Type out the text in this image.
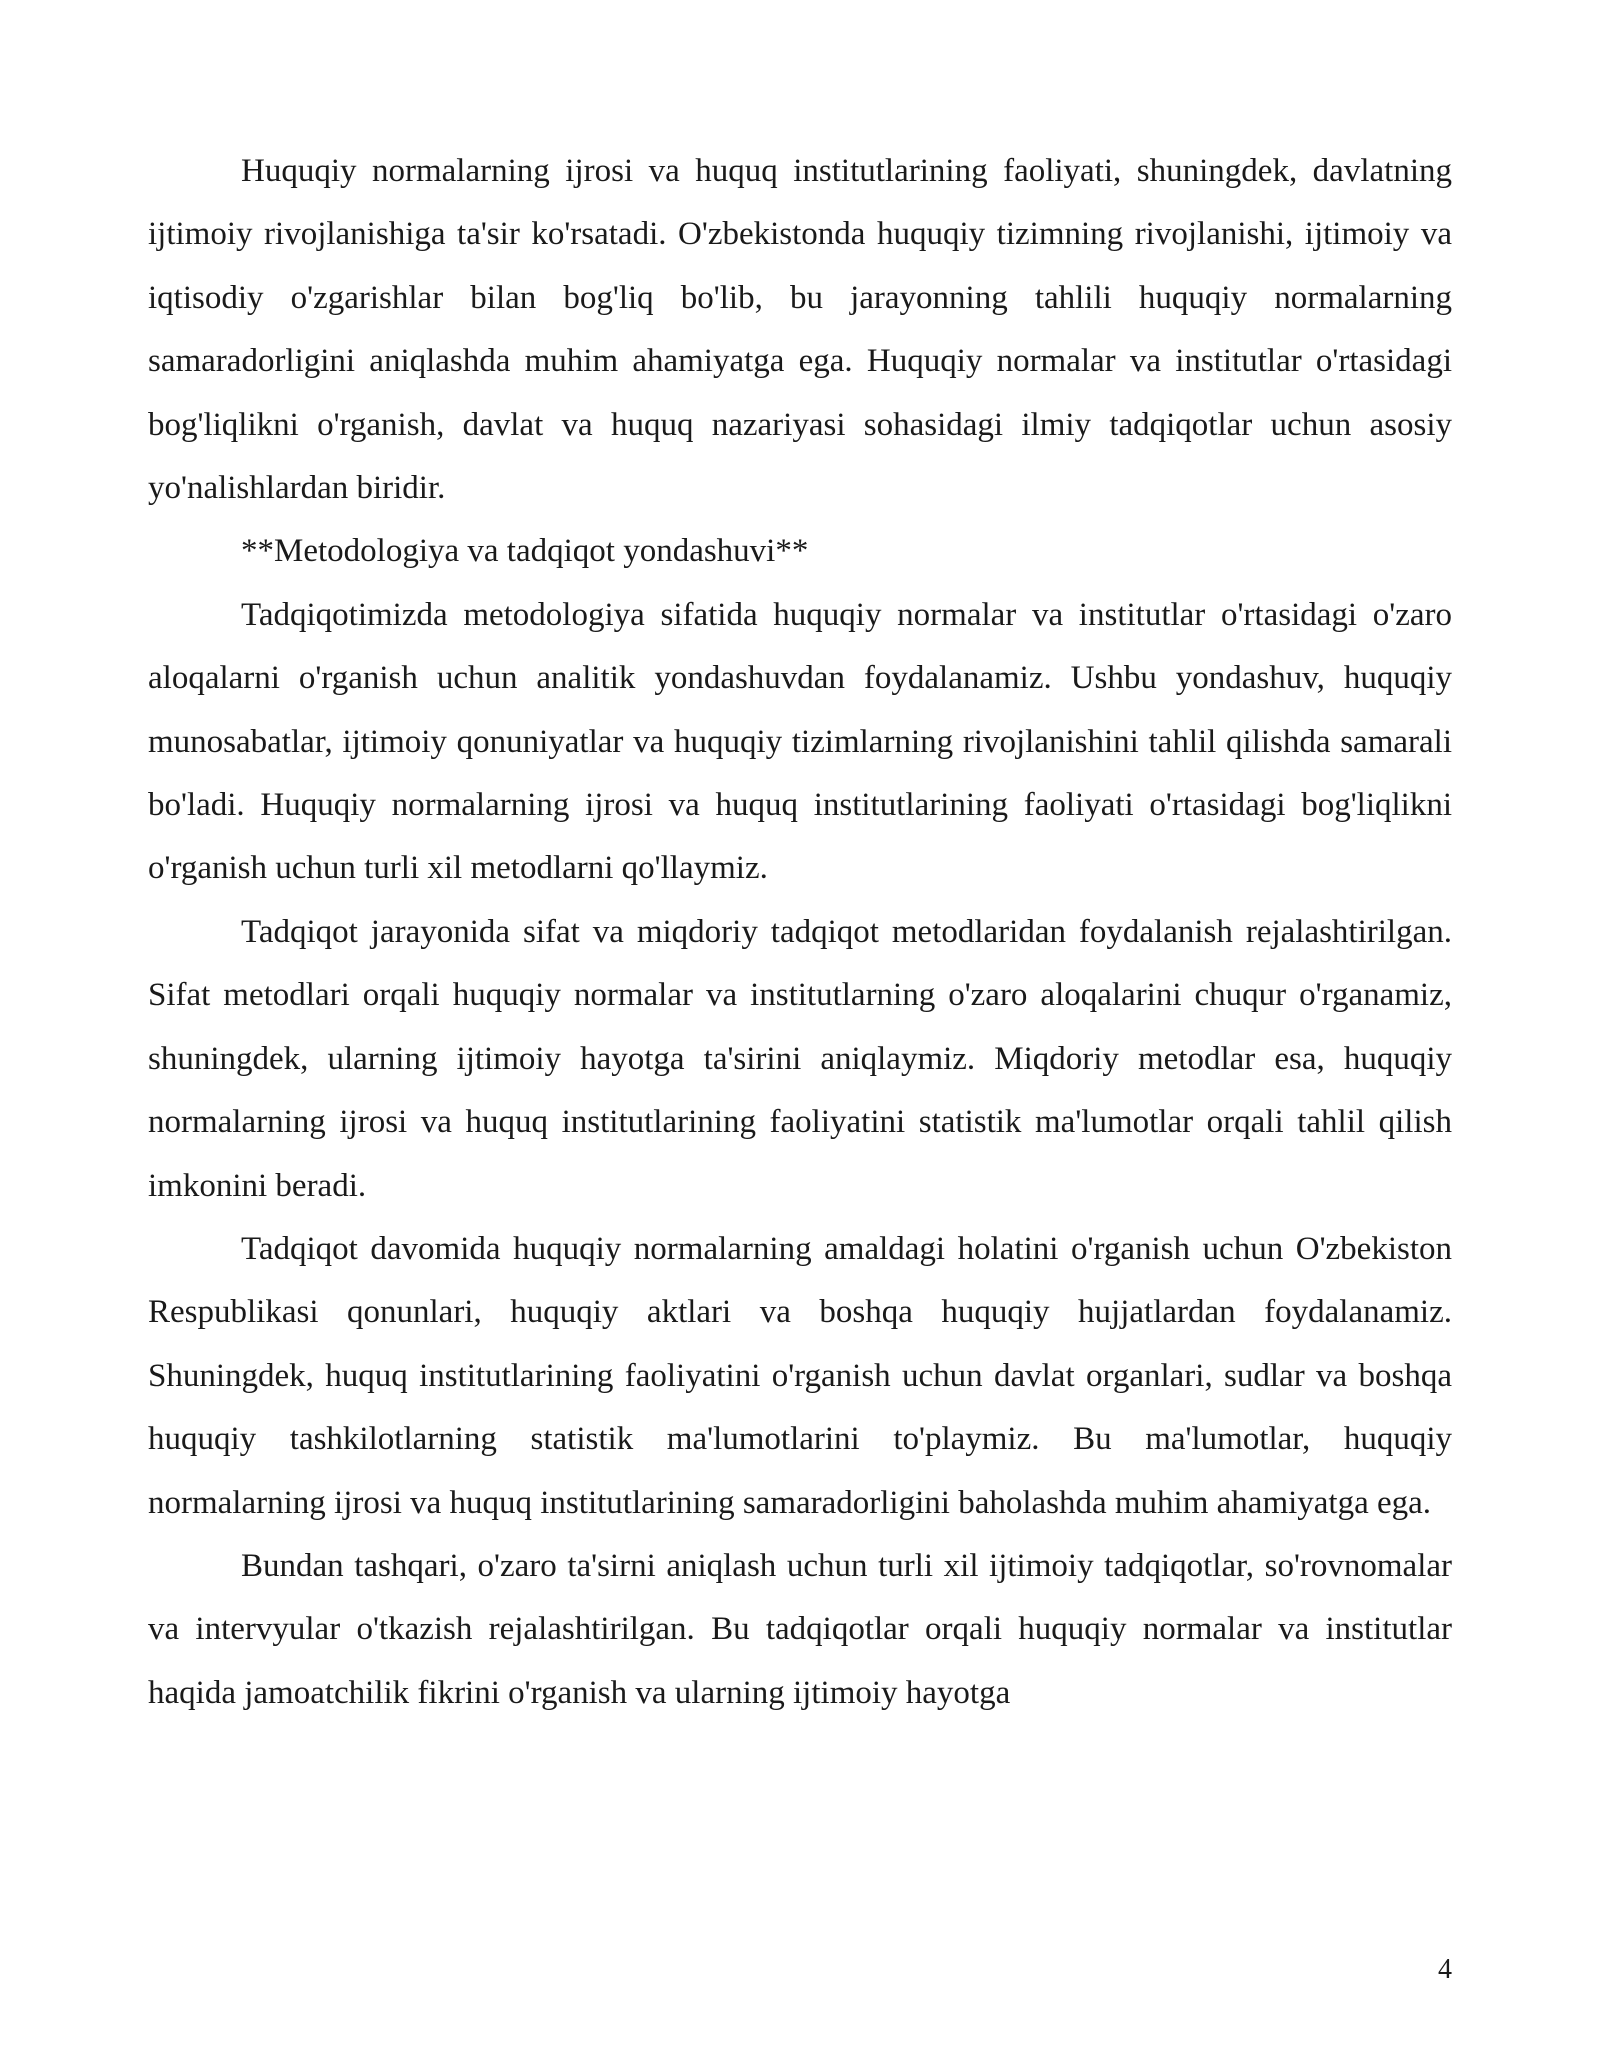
Huquqiy normalarning ijrosi va huquq institutlarining faoliyati, shuningdek, davlatning ijtimoiy rivojlanishiga ta'sir ko'rsatadi. O'zbekistonda huquqiy tizimning rivojlanishi, ijtimoiy va iqtisodiy o'zgarishlar bilan bog'liq bo'lib, bu jarayonning tahlili huquqiy normalarning samaradorligini aniqlashda muhim ahamiyatga ega. Huquqiy normalar va institutlar o'rtasidagi bog'liqlikni o'rganish, davlat va huquq nazariyasi sohasidagi ilmiy tadqiqotlar uchun asosiy yo'nalishlardan biridir.

**Metodologiya va tadqiqot yondashuvi**

Tadqiqotimizda metodologiya sifatida huquqiy normalar va institutlar o'rtasidagi o'zaro aloqalarni o'rganish uchun analitik yondashuvdan foydalanamiz. Ushbu yondashuv, huquqiy munosabatlar, ijtimoiy qonuniyatlar va huquqiy tizimlarning rivojlanishini tahlil qilishda samarali bo'ladi. Huquqiy normalarning ijrosi va huquq institutlarining faoliyati o'rtasidagi bog'liqlikni o'rganish uchun turli xil metodlarni qo'llaymiz.

Tadqiqot jarayonida sifat va miqdoriy tadqiqot metodlaridan foydalanish rejalashtirilgan. Sifat metodlari orqali huquqiy normalar va institutlarning o'zaro aloqalarini chuqur o'rganamiz, shuningdek, ularning ijtimoiy hayotga ta'sirini aniqlaymiz. Miqdoriy metodlar esa, huquqiy normalarning ijrosi va huquq institutlarining faoliyatini statistik ma'lumotlar orqali tahlil qilish imkonini beradi.

Tadqiqot davomida huquqiy normalarning amaldagi holatini o'rganish uchun O'zbekiston Respublikasi qonunlari, huquqiy aktlari va boshqa huquqiy hujjatlardan foydalanamiz. Shuningdek, huquq institutlarining faoliyatini o'rganish uchun davlat organlari, sudlar va boshqa huquqiy tashkilotlarning statistik ma'lumotlarini to'playmiz. Bu ma'lumotlar, huquqiy normalarning ijrosi va huquq institutlarining samaradorligini baholashda muhim ahamiyatga ega.

Bundan tashqari, o'zaro ta'sirni aniqlash uchun turli xil ijtimoiy tadqiqotlar, so'rovnomalar va intervyular o'tkazish rejalashtirilgan. Bu tadqiqotlar orqali huquqiy normalar va institutlar haqida jamoatchilik fikrini o'rganish va ularning ijtimoiy hayotga

4
